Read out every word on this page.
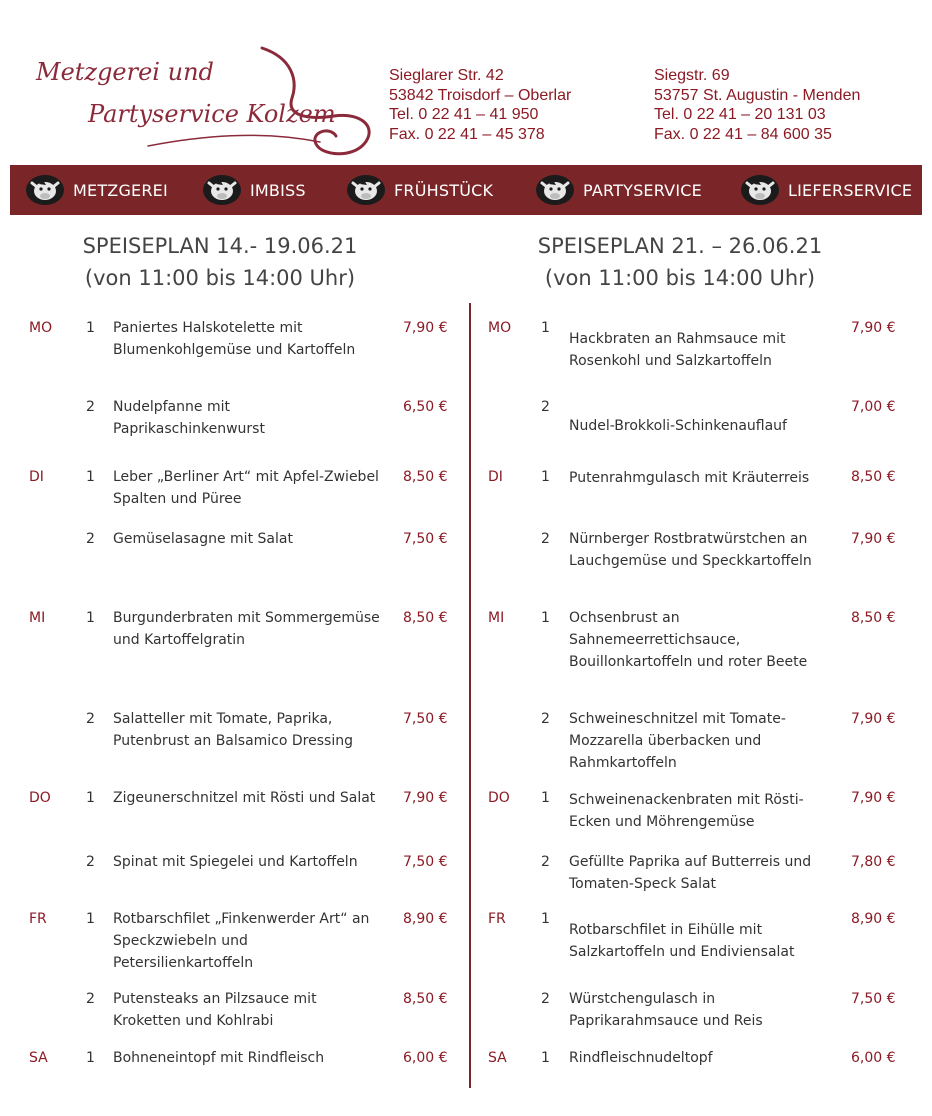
Metzgerei und
Partyservice Kolzem
Sieglarer Str. 42
53842 Troisdorf – Oberlar
Tel. 0 22 41 – 41 950
Fax. 0 22 41 – 45 378
Siegstr. 69
53757 St. Augustin - Menden
Tel. 0 22 41 – 20 131 03
Fax. 0 22 41 – 84 600 35
METZGEREI	IMBISS	FRÜHSTÜCK	PARTYSERVICE	LIEFERSERVICE
SPEISEPLAN 14.- 19.06.21
(von 11:00 bis 14:00 Uhr)
SPEISEPLAN 21. – 26.06.21
(von 11:00 bis 14:00 Uhr)
MO 1 Paniertes Halskotelette mit Blumenkohlgemüse und Kartoffeln
7,90 €
2 Nudelpfanne mit Paprikaschinkenwurst
6,50 €
DI	1 Leber „Berliner Art“ mit Apfel-Zwiebel Spalten und Püree
8,50 €
2 Gemüselasagne mit Salat	7,50 €
MI	1 Burgunderbraten mit Sommergemüse und Kartoffelgratin
8,50 €
2 Salatteller mit Tomate, Paprika, Putenbrust an Balsamico Dressing
7,50 €
DO	1 Zigeunerschnitzel mit Rösti und Salat	7,90 €
2 Spinat mit Spiegelei und Kartoffeln	7,50 €
FR	1 Rotbarschfilet „Finkenwerder Art“ an Speckzwiebeln und Petersilienkartoffeln
8,90 €
2 Putensteaks an Pilzsauce mit Kroketten und Kohlrabi
8,50 €
SA	1 Bohneneintopf mit Rindfleisch	6,00 €
MO 1
Hackbraten an Rahmsauce mit Rosenkohl und Salzkartoffeln
7,90 €
2
Nudel-Brokkoli-Schinkenauflauf
7,00 €
DI	1 Putenrahmgulasch mit Kräuterreis	8,50 €
2 Nürnberger Rostbratwürstchen an Lauchgemüse und Speckkartoffeln
7,90 €
MI	1 Ochsenbrust an Sahnemeerrettichsauce, Bouillonkartoffeln und roter Beete
8,50 €
2 Schweineschnitzel mit Tomate-Mozzarella überbacken und Rahmkartoffeln
7,90 €
DO 1 Schweinenackenbraten mit Rösti-Ecken und Möhrengemüse
7,90 €
2 Gefüllte Paprika auf Butterreis und Tomaten-Speck Salat
7,80 €
FR	1
Rotbarschfilet in Eihülle mit Salzkartoffeln und Endiviensalat
8,90 €
2 Würstchengulasch in Paprikarahmsauce und Reis
7,50 €
SA 1 Rindfleischnudeltopf	6,00 €
